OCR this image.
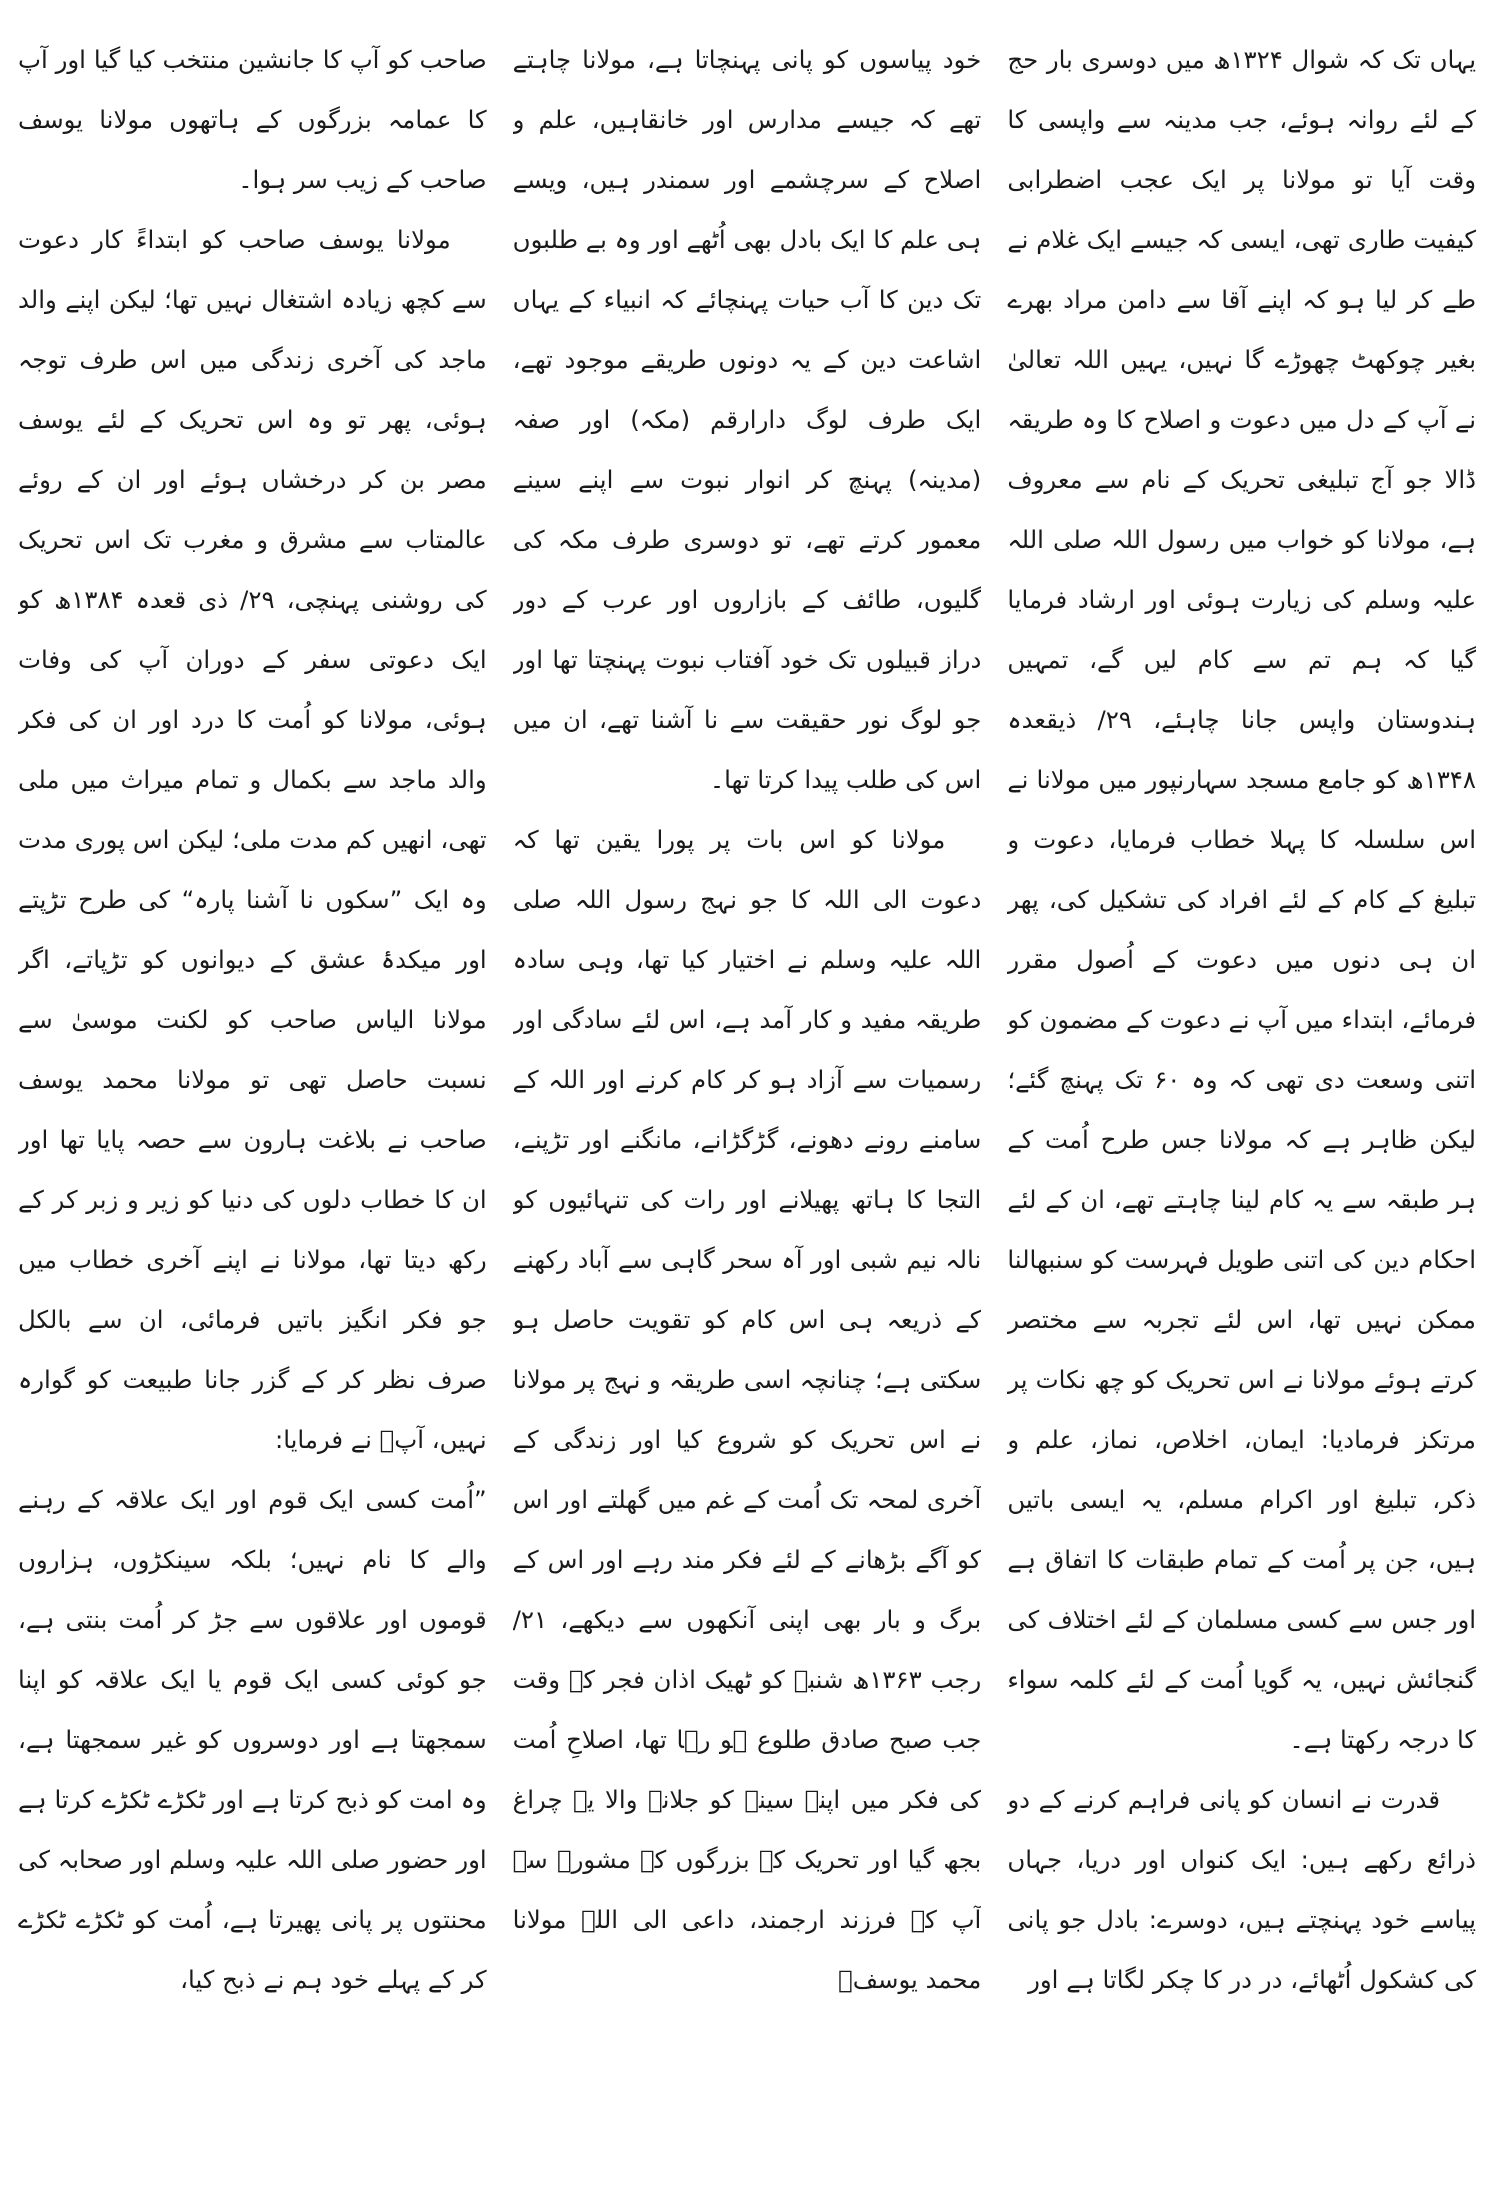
یہاں تک کہ شوال ۱۳۲۴ھ میں دوسری بار حج کے لئے روانہ ہوئے، جب مدینہ سے واپسی کا وقت آیا تو مولانا پر ایک عجب اضطرابی کیفیت طاری تھی، ایسی کہ جیسے ایک غلام نے طے کر لیا ہو کہ اپنے آقا سے دامن مراد بھرے بغیر چوکھٹ چھوڑے گا نہیں، یہیں اللہ تعالیٰ نے آپ کے دل میں دعوت و اصلاح کا وہ طریقہ ڈالا جو آج تبلیغی تحریک کے نام سے معروف ہے، مولانا کو خواب میں رسول اللہ صلی اللہ علیہ وسلم کی زیارت ہوئی اور ارشاد فرمایا گیا کہ ہم تم سے کام لیں گے، تمہیں ہندوستان واپس جانا چاہئے، ۲۹/ ذیقعدہ ۱۳۴۸ھ کو جامع مسجد سہارنپور میں مولانا نے اس سلسلہ کا پہلا خطاب فرمایا، دعوت و تبلیغ کے کام کے لئے افراد کی تشکیل کی، پھر ان ہی دنوں میں دعوت کے اُصول مقرر فرمائے، ابتداء میں آپ نے دعوت کے مضمون کو اتنی وسعت دی تھی کہ وہ ۶۰ تک پہنچ گئے؛ لیکن ظاہر ہے کہ مولانا جس طرح اُمت کے ہر طبقہ سے یہ کام لینا چاہتے تھے، ان کے لئے احکام دین کی اتنی طویل فہرست کو سنبھالنا ممکن نہیں تھا، اس لئے تجربہ سے مختصر کرتے ہوئے مولانا نے اس تحریک کو چھ نکات پر مرتکز فرمادیا: ایمان، اخلاص، نماز، علم و ذکر، تبلیغ اور اکرام مسلم، یہ ایسی باتیں ہیں، جن پر اُمت کے تمام طبقات کا اتفاق ہے اور جس سے کسی مسلمان کے لئے اختلاف کی گنجائش نہیں، یہ گویا اُمت کے لئے کلمہ سواء کا درجہ رکھتا ہے۔

قدرت نے انسان کو پانی فراہم کرنے کے دو ذرائع رکھے ہیں: ایک کنواں اور دریا، جہاں پیاسے خود پہنچتے ہیں، دوسرے: بادل جو پانی کی کشکول اُٹھائے، در در کا چکر لگاتا ہے اور

خود پیاسوں کو پانی پہنچاتا ہے، مولانا چاہتے تھے کہ جیسے مدارس اور خانقاہیں، علم و اصلاح کے سرچشمے اور سمندر ہیں، ویسے ہی علم کا ایک بادل بھی اُٹھے اور وہ بے طلبوں تک دین کا آب حیات پہنچائے کہ انبیاء کے یہاں اشاعت دین کے یہ دونوں طریقے موجود تھے، ایک طرف لوگ دارارقم (مکہ) اور صفہ (مدینہ) پہنچ کر انوار نبوت سے اپنے سینے معمور کرتے تھے، تو دوسری طرف مکہ کی گلیوں، طائف کے بازاروں اور عرب کے دور دراز قبیلوں تک خود آفتاب نبوت پہنچتا تھا اور جو لوگ نور حقیقت سے نا آشنا تھے، ان میں اس کی طلب پیدا کرتا تھا۔

مولانا کو اس بات پر پورا یقین تھا کہ دعوت الی اللہ کا جو نہج رسول اللہ صلی اللہ علیہ وسلم نے اختیار کیا تھا، وہی سادہ طریقہ مفید و کار آمد ہے، اس لئے سادگی اور رسمیات سے آزاد ہو کر کام کرنے اور اللہ کے سامنے رونے دھونے، گڑگڑانے، مانگنے اور تڑپنے، التجا کا ہاتھ پھیلانے اور رات کی تنہائیوں کو نالہ نیم شبی اور آہ سحر گاہی سے آباد رکھنے کے ذریعہ ہی اس کام کو تقویت حاصل ہو سکتی ہے؛ چنانچہ اسی طریقہ و نہج پر مولانا نے اس تحریک کو شروع کیا اور زندگی کے آخری لمحہ تک اُمت کے غم میں گھلتے اور اس کو آگے بڑھانے کے لئے فکر مند رہے اور اس کے برگ و بار بھی اپنی آنکھوں سے دیکھے، ۲۱/ رجب ۱۳۶۳ھ شنبہ کو ٹھیک اذان فجر کے وقت جب صبح صادق طلوع ہو رہا تھا، اصلاحِ اُمت کی فکر میں اپنے سینہ کو جلانے والا یہ چراغ بجھ گیا اور تحریک کے بزرگوں کے مشورہ سے آپ کے فرزند ارجمند، داعی الی اللہ مولانا محمد یوسفؒ

صاحب کو آپ کا جانشین منتخب کیا گیا اور آپ کا عمامہ بزرگوں کے ہاتھوں مولانا یوسف صاحب کے زیب سر ہوا۔

مولانا یوسف صاحب کو ابتداءً کار دعوت سے کچھ زیادہ اشتغال نہیں تھا؛ لیکن اپنے والد ماجد کی آخری زندگی میں اس طرف توجہ ہوئی، پھر تو وہ اس تحریک کے لئے یوسف مصر بن کر درخشاں ہوئے اور ان کے روئے عالمتاب سے مشرق و مغرب تک اس تحریک کی روشنی پہنچی، ۲۹/ ذی قعدہ ۱۳۸۴ھ کو ایک دعوتی سفر کے دوران آپ کی وفات ہوئی، مولانا کو اُمت کا درد اور ان کی فکر والد ماجد سے بکمال و تمام میراث میں ملی تھی، انھیں کم مدت ملی؛ لیکن اس پوری مدت وہ ایک ”سکوں نا آشنا پارہ“ کی طرح تڑپتے اور میکدۂ عشق کے دیوانوں کو تڑپاتے، اگر مولانا الیاس صاحب کو لکنت موسیٰ سے نسبت حاصل تھی تو مولانا محمد یوسف صاحب نے بلاغت ہارون سے حصہ پایا تھا اور ان کا خطاب دلوں کی دنیا کو زیر و زبر کر کے رکھ دیتا تھا، مولانا نے اپنے آخری خطاب میں جو فکر انگیز باتیں فرمائی، ان سے بالکل صرف نظر کر کے گزر جانا طبیعت کو گوارہ نہیں، آپؒ نے فرمایا:

”اُمت کسی ایک قوم اور ایک علاقہ کے رہنے والے کا نام نہیں؛ بلکہ سینکڑوں، ہزاروں قوموں اور علاقوں سے جڑ کر اُمت بنتی ہے، جو کوئی کسی ایک قوم یا ایک علاقہ کو اپنا سمجھتا ہے اور دوسروں کو غیر سمجھتا ہے، وہ امت کو ذبح کرتا ہے اور ٹکڑے ٹکڑے کرتا ہے اور حضور صلی اللہ علیہ وسلم اور صحابہ کی محنتوں پر پانی پھیرتا ہے، اُمت کو ٹکڑے ٹکڑے کر کے پہلے خود ہم نے ذبح کیا،
